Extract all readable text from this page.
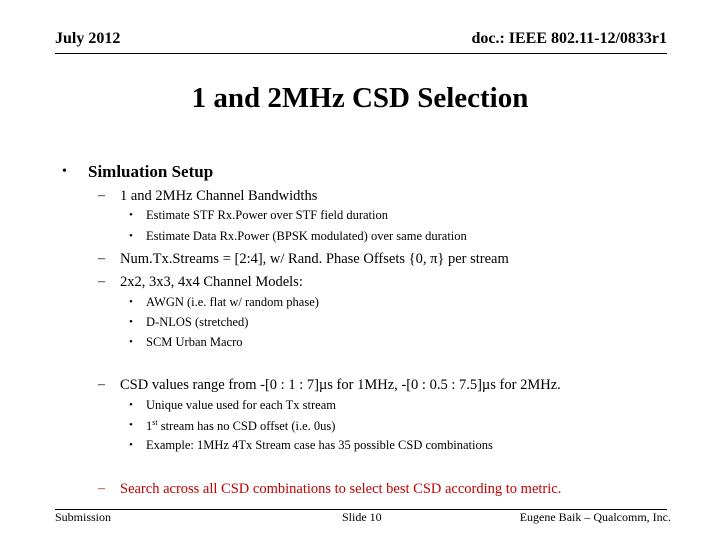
July 2012	doc.: IEEE 802.11-12/0833r1
1 and 2MHz CSD Selection
• Simluation Setup
– 1 and 2MHz Channel Bandwidths
• Estimate STF Rx.Power over STF field duration
• Estimate Data Rx.Power (BPSK modulated) over same duration
– Num.Tx.Streams = [2:4], w/ Rand. Phase Offsets {0, π} per stream
– 2x2, 3x3, 4x4 Channel Models:
• AWGN (i.e. flat w/ random phase)
• D-NLOS (stretched)
• SCM Urban Macro
– CSD values range from -[0 : 1 : 7]µs for 1MHz, -[0 : 0.5 : 7.5]µs for 2MHz.
• Unique value used for each Tx stream
• 1st stream has no CSD offset (i.e. 0us)
• Example: 1MHz 4Tx Stream case has 35 possible CSD combinations
– Search across all CSD combinations to select best CSD according to metric.
Submission	Slide 10	Eugene Baik – Qualcomm, Inc.
